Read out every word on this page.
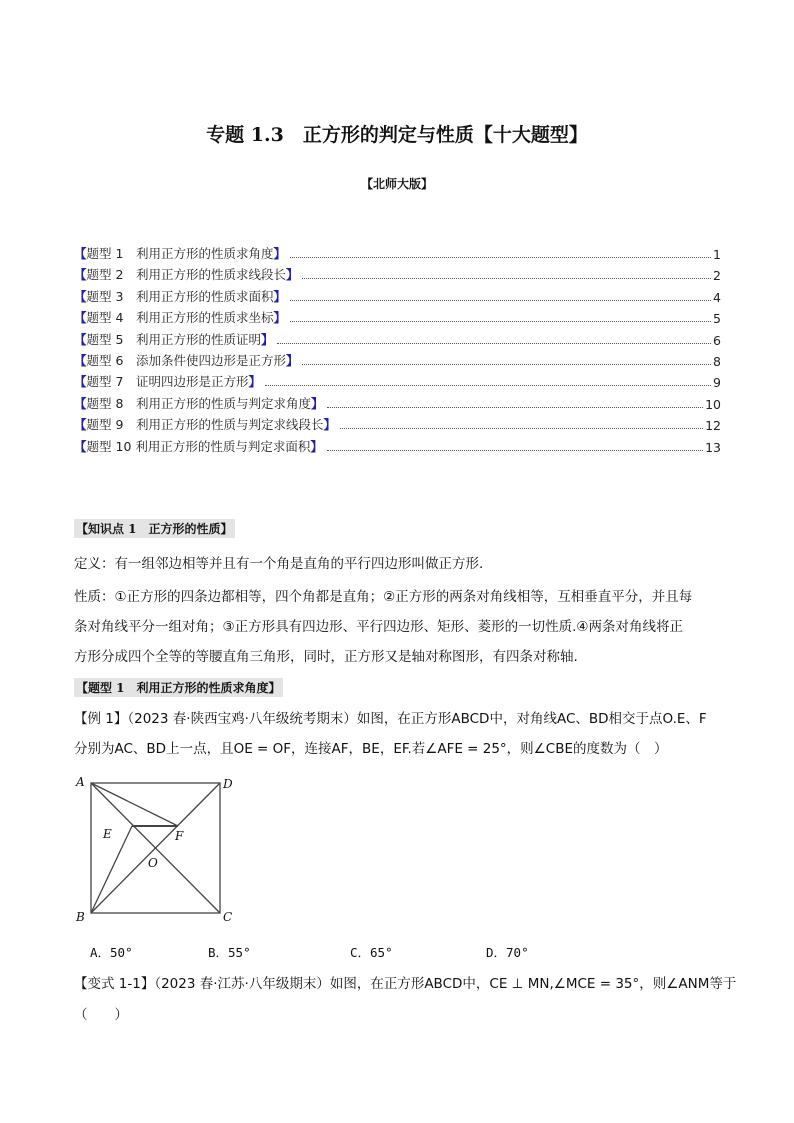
专题 1.3　正方形的判定与性质【十大题型】
【北师大版】
【 题型 1　利用正方形的性质求角度 】	1
【 题型 2　利用正方形的性质求线段长 】	2
【 题型 3　利用正方形的性质求面积 】	4
【 题型 4　利用正方形的性质求坐标 】	5
【 题型 5　利用正方形的性质证明 】	6
【 题型 6　添加条件使四边形是正方形 】	8
【 题型 7　证明四边形是正方形 】	9
【 题型 8　利用正方形的性质与判定求角度 】	10
【 题型 9　利用正方形的性质与判定求线段长 】	12
【 题型 10 利用正方形的性质与判定求面积 】	13
【知识点 1　正方形的性质】
定义：有一组邻边相等并且有一个角是直角的平行四边形叫做正方形.
性质：①正方形的四条边都相等，四个角都是直角；②正方形的两条对角线相等，互相垂直平分，并且每
条对角线平分一组对角；③正方形具有四边形、平行四边形、矩形、菱形的一切性质.④两条对角线将正
方形分成四个全等的等腰直角三角形，同时，正方形又是轴对称图形，有四条对称轴.
【题型 1　利用正方形的性质求角度】
【例 1】（2023 春·陕西宝鸡·八年级统考期末）如图，在正方形ABCD中，对角线AC、BD相交于点O.E、F
分别为AC、BD上一点，且OE = OF，连接AF，BE，EF.若∠AFE = 25°，则∠CBE的度数为（　）
A	D
E	F
O
B	C
A．50°	B．55°	C．65°	D．70°
【变式 1-1】（2023 春·江苏·八年级期末）如图，在正方形ABCD中，CE ⊥ MN,∠MCE = 35°，则∠ANM等于
（　　）
